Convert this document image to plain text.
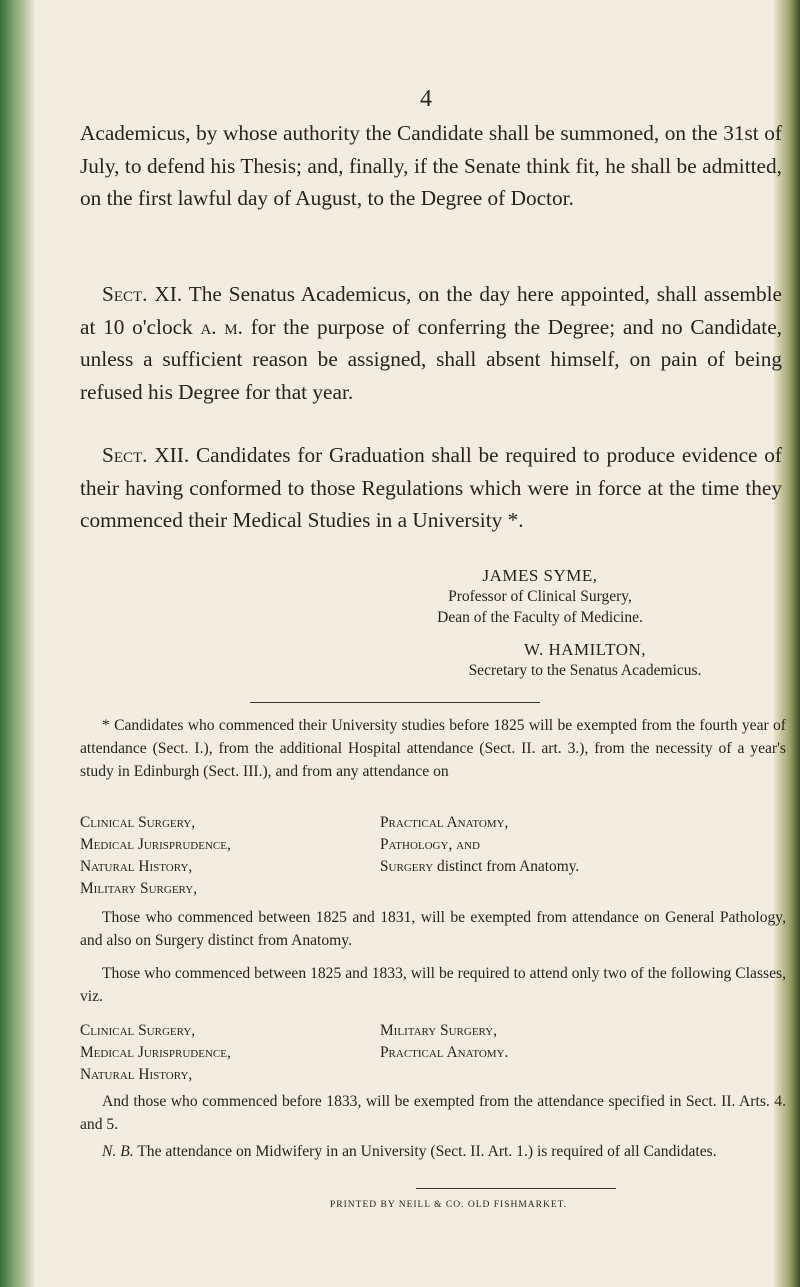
4

Academicus, by whose authority the Candidate shall be summoned, on the 31st of July, to defend his Thesis; and, finally, if the Senate think fit, he shall be admitted, on the first lawful day of August, to the Degree of Doctor.

Sect. XI. The Senatus Academicus, on the day here appointed, shall assemble at 10 o'clock a. m. for the purpose of conferring the Degree; and no Candidate, unless a sufficient reason be assigned, shall absent himself, on pain of being refused his Degree for that year.

Sect. XII. Candidates for Graduation shall be required to produce evidence of their having conformed to those Regulations which were in force at the time they commenced their Medical Studies in a University *.

JAMES SYME,
Professor of Clinical Surgery,
Dean of the Faculty of Medicine.
W. HAMILTON,
Secretary to the Senatus Academicus.

* Candidates who commenced their University studies before 1825 will be exempted from the fourth year of attendance (Sect. I.), from the additional Hospital attendance (Sect. II. art. 3.), from the necessity of a year's study in Edinburgh (Sect. III.), and from any attendance on

Clinical Surgery,
Medical Jurisprudence,
Natural History,
Military Surgery,
Practical Anatomy,
Pathology, and
Surgery distinct from Anatomy.

Those who commenced between 1825 and 1831, will be exempted from attendance on General Pathology, and also on Surgery distinct from Anatomy.

Those who commenced between 1825 and 1833, will be required to attend only two of the following Classes, viz.

Clinical Surgery,
Medical Jurisprudence,
Natural History,
Military Surgery,
Practical Anatomy.

And those who commenced before 1833, will be exempted from the attendance specified in Sect. II. Arts. 4. and 5.

N. B. The attendance on Midwifery in an University (Sect. II. Art. 1.) is required of all Candidates.

PRINTED BY NEILL & CO. OLD FISHMARKET.
